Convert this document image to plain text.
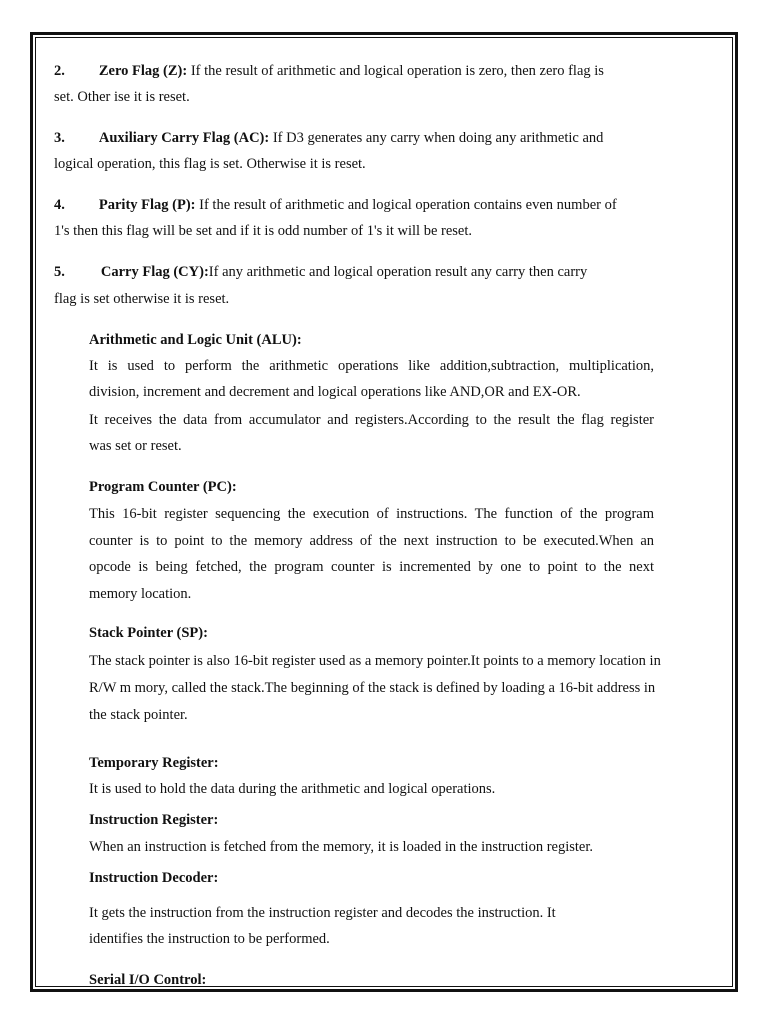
2. Zero Flag (Z): If the result of arithmetic and logical operation is zero, then zero flag is
set. Other ise it is reset.
3. Auxiliary Carry Flag (AC): If D3 generates any carry when doing any arithmetic and
logical operation, this flag is set. Otherwise it is reset.
4. Parity Flag (P): If the result of arithmetic and logical operation contains even number of
1's then this flag will be set and if it is odd number of 1's it will be reset.
5. Carry Flag (CY):If any arithmetic and logical operation result any carry then carry
flag is set otherwise it is reset.
Arithmetic and Logic Unit (ALU):
It is used to perform the arithmetic operations like addition,subtraction, multiplication,
division, increment and decrement and logical operations like AND,OR and EX-OR.
It receives the data from accumulator and registers.According to the result the flag register
was set or reset.
Program Counter (PC):
This 16-bit register sequencing the execution of instructions. The function of the program
counter is to point to the memory address of the next instruction to be executed.When an
opcode is being fetched, the program counter is incremented by one to point to the next
memory location.
Stack Pointer (SP):
The stack pointer is also 16-bit register used as a memory pointer.It points to a memory location in
R/W m mory, called the stack.The beginning of the stack is defined by loading a 16-bit address in
the stack pointer.
Temporary Register:
It is used to hold the data during the arithmetic and logical operations.
Instruction Register:
When an instruction is fetched from the memory, it is loaded in the instruction register.
Instruction Decoder:
It gets the instruction from the instruction register and decodes the instruction. It
identifies the instruction to be performed.
Serial I/O Control:
